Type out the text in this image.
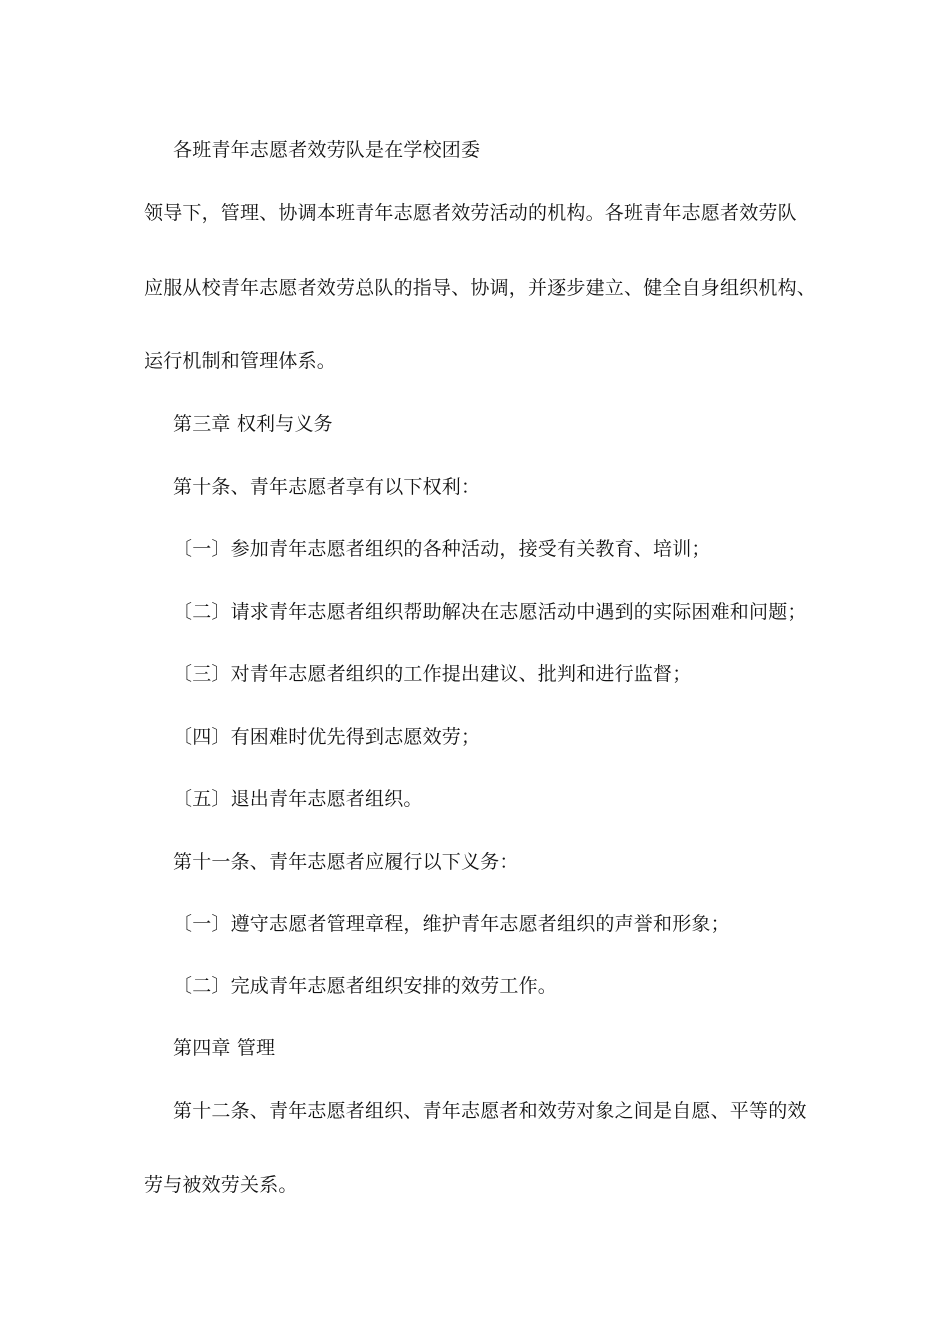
各班青年志愿者效劳队是在学校团委
领导下，管理、协调本班青年志愿者效劳活动的机构。各班青年志愿者效劳队
应服从校青年志愿者效劳总队的指导、协调，并逐步建立、健全自身组织机构、
运行机制和管理体系。
第三章 权利与义务
第十条、青年志愿者享有以下权利：
〔一〕参加青年志愿者组织的各种活动，接受有关教育、培训；
〔二〕请求青年志愿者组织帮助解决在志愿活动中遇到的实际困难和问题；
〔三〕对青年志愿者组织的工作提出建议、批判和进行监督；
〔四〕有困难时优先得到志愿效劳；
〔五〕退出青年志愿者组织。
第十一条、青年志愿者应履行以下义务：
〔一〕遵守志愿者管理章程，维护青年志愿者组织的声誉和形象；
〔二〕完成青年志愿者组织安排的效劳工作。
第四章 管理
第十二条、青年志愿者组织、青年志愿者和效劳对象之间是自愿、平等的效
劳与被效劳关系。
